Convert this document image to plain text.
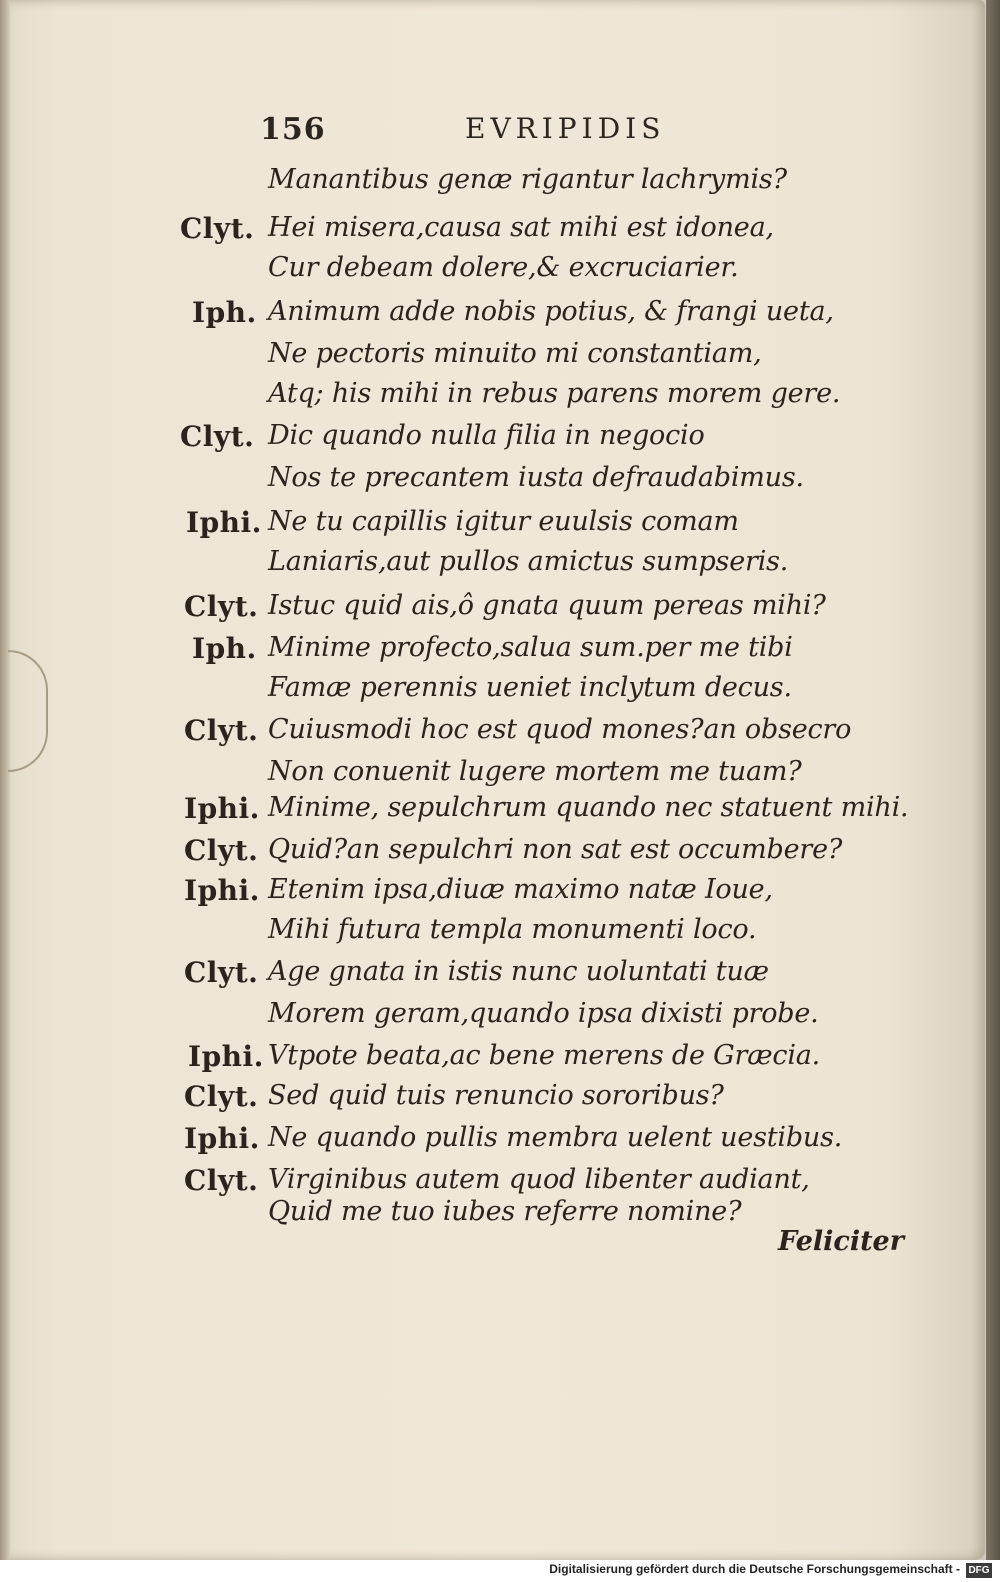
156	EVRIPIDIS
Manantibus genæ rigantur lachrymis?
Clyt. Hei misera,causa sat mihi est idonea,
Cur debeam dolere,& excruciarier.
Iph. Animum adde nobis potius, & frangi ueta,
Ne pectoris minuito mi constantiam,
Atq; his mihi in rebus parens morem gere.
Clyt. Dic quando nulla filia in negocio
Nos te precantem iusta defraudabimus.
Iphi. Ne tu capillis igitur euulsis comam
Laniaris,aut pullos amictus sumpseris.
Clyt. Istuc quid ais,ô gnata quum pereas mihi?
Iph. Minime profecto,salua sum.per me tibi
Famæ perennis ueniet inclytum decus.
Clyt. Cuiusmodi hoc est quod mones?an obsecro
Non conuenit lugere mortem me tuam?
Iphi. Minime, sepulchrum quando nec statuent mihi.
Clyt. Quid?an sepulchri non sat est occumbere?
Iphi. Etenim ipsa,diuæ maximo natæ Ioue,
Mihi futura templa monumenti loco.
Clyt. Age gnata in istis nunc uoluntati tuæ
Morem geram,quando ipsa dixisti probe.
Iphi. Vtpote beata,ac bene merens de Græcia.
Clyt. Sed quid tuis renuncio sororibus?
Iphi. Ne quando pullis membra uelent uestibus.
Clyt. Virginibus autem quod libenter audiant,
Quid me tuo iubes referre nomine?
Feliciter
Digitalisierung gefördert durch die Deutsche Forschungsgemeinschaft - DFG
